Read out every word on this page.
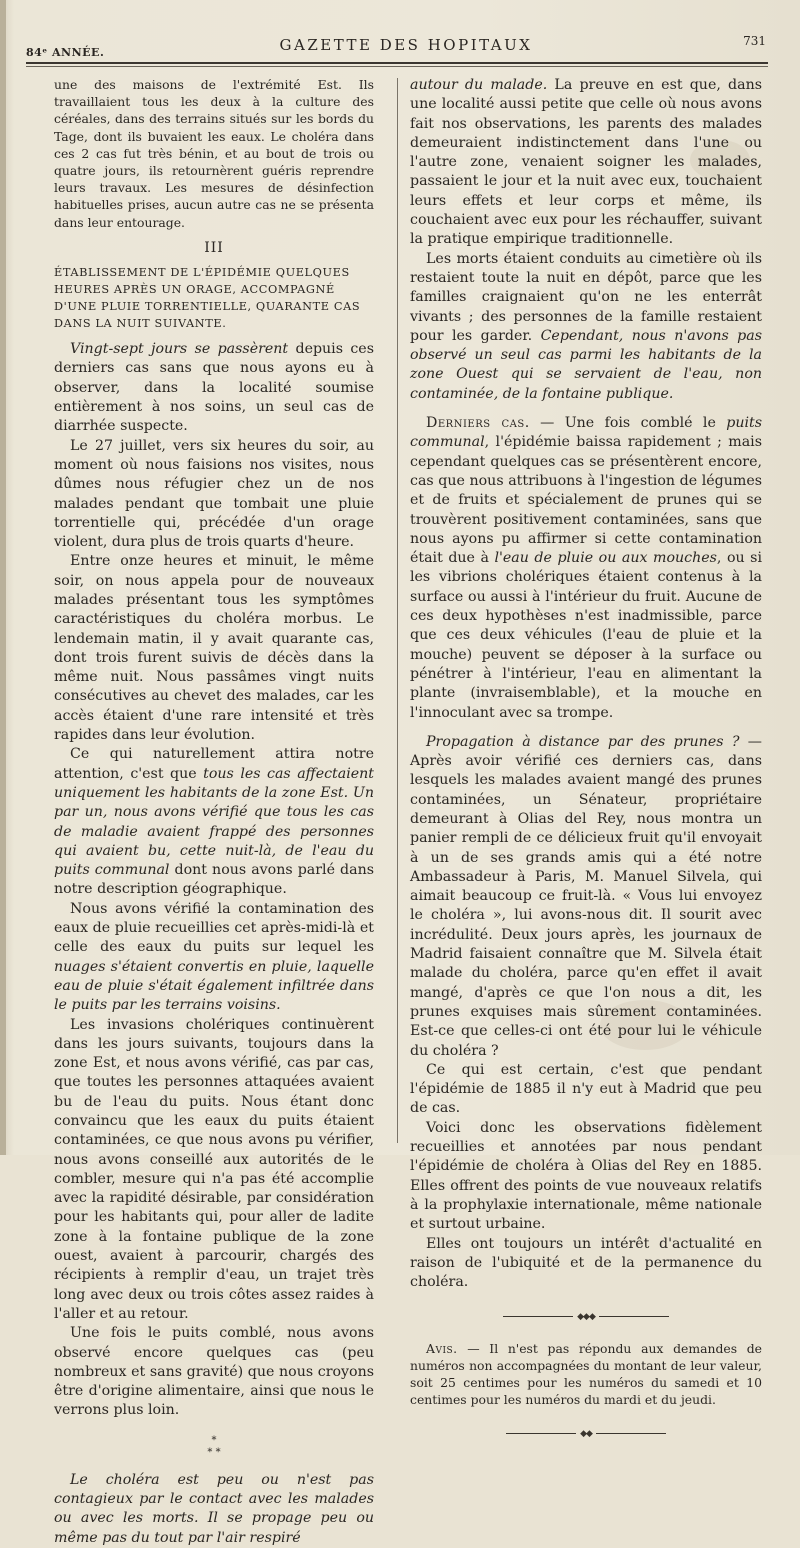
84ᵉ ANNÉE.	GAZETTE DES HOPITAUX	731

une des maisons de l'extrémité Est. Ils travaillaient tous les deux à la culture des céréales, dans des terrains situés sur les bords du Tage, dont ils buvaient les eaux. Le choléra dans ces 2 cas fut très bénin, et au bout de trois ou quatre jours, ils retournèrent guéris reprendre leurs travaux. Les mesures de désinfection habituelles prises, aucun autre cas ne se présenta dans leur entourage.

III
ÉTABLISSEMENT DE L'ÉPIDÉMIE QUELQUES HEURES APRÈS UN ORAGE, ACCOMPAGNÉ D'UNE PLUIE TORRENTIELLE, QUARANTE CAS DANS LA NUIT SUIVANTE.

Vingt-sept jours se passèrent depuis ces derniers cas sans que nous ayons eu à observer, dans la localité soumise entièrement à nos soins, un seul cas de diarrhée suspecte.

Le 27 juillet, vers six heures du soir, au moment où nous faisions nos visites, nous dûmes nous réfugier chez un de nos malades pendant que tombait une pluie torrentielle qui, précédée d'un orage violent, dura plus de trois quarts d'heure.

Entre onze heures et minuit, le même soir, on nous appela pour de nouveaux malades présentant tous les symptômes caractéristiques du choléra morbus. Le lendemain matin, il y avait quarante cas, dont trois furent suivis de décès dans la même nuit. Nous passâmes vingt nuits consécutives au chevet des malades, car les accès étaient d'une rare intensité et très rapides dans leur évolution.

Ce qui naturellement attira notre attention, c'est que tous les cas affectaient uniquement les habitants de la zone Est. Un par un, nous avons vérifié que tous les cas de maladie avaient frappé des personnes qui avaient bu, cette nuit-là, de l'eau du puits communal dont nous avons parlé dans notre description géographique.

Nous avons vérifié la contamination des eaux de pluie recueillies cet après-midi-là et celle des eaux du puits sur lequel les nuages s'étaient convertis en pluie, laquelle eau de pluie s'était également infiltrée dans le puits par les terrains voisins.

Les invasions cholériques continuèrent dans les jours suivants, toujours dans la zone Est, et nous avons vérifié, cas par cas, que toutes les personnes attaquées avaient bu de l'eau du puits. Nous étant donc convaincu que les eaux du puits étaient contaminées, ce que nous avons pu vérifier, nous avons conseillé aux autorités de le combler, mesure qui n'a pas été accomplie avec la rapidité désirable, par considération pour les habitants qui, pour aller de ladite zone à la fontaine publique de la zone ouest, avaient à parcourir, chargés des récipients à remplir d'eau, un trajet très long avec deux ou trois côtes assez raides à l'aller et au retour.

Une fois le puits comblé, nous avons observé encore quelques cas (peu nombreux et sans gravité) que nous croyons être d'origine alimentaire, ainsi que nous le verrons plus loin.

*
* *

Le choléra est peu ou n'est pas contagieux par le contact avec les malades ou avec les morts. Il se propage peu ou même pas du tout par l'air respiré

autour du malade. La preuve en est que, dans une localité aussi petite que celle où nous avons fait nos observations, les parents des malades demeuraient indistinctement dans l'une ou l'autre zone, venaient soigner les malades, passaient le jour et la nuit avec eux, touchaient leurs effets et leur corps et même, ils couchaient avec eux pour les réchauffer, suivant la pratique empirique traditionnelle.

Les morts étaient conduits au cimetière où ils restaient toute la nuit en dépôt, parce que les familles craignaient qu'on ne les enterrât vivants ; des personnes de la famille restaient pour les garder. Cependant, nous n'avons pas observé un seul cas parmi les habitants de la zone Ouest qui se servaient de l'eau, non contaminée, de la fontaine publique.

Derniers cas. — Une fois comblé le puits communal, l'épidémie baissa rapidement ; mais cependant quelques cas se présentèrent encore, cas que nous attribuons à l'ingestion de légumes et de fruits et spécialement de prunes qui se trouvèrent positivement contaminées, sans que nous ayons pu affirmer si cette contamination était due à l'eau de pluie ou aux mouches, ou si les vibrions cholériques étaient contenus à la surface ou aussi à l'intérieur du fruit. Aucune de ces deux hypothèses n'est inadmissible, parce que ces deux véhicules (l'eau de pluie et la mouche) peuvent se déposer à la surface ou pénétrer à l'intérieur, l'eau en alimentant la plante (invraisemblable), et la mouche en l'innoculant avec sa trompe.

Propagation à distance par des prunes ? — Après avoir vérifié ces derniers cas, dans lesquels les malades avaient mangé des prunes contaminées, un Sénateur, propriétaire demeurant à Olias del Rey, nous montra un panier rempli de ce délicieux fruit qu'il envoyait à un de ses grands amis qui a été notre Ambassadeur à Paris, M. Manuel Silvela, qui aimait beaucoup ce fruit-là. « Vous lui envoyez le choléra », lui avons-nous dit. Il sourit avec incrédulité. Deux jours après, les journaux de Madrid faisaient connaître que M. Silvela était malade du choléra, parce qu'en effet il avait mangé, d'après ce que l'on nous a dit, les prunes exquises mais sûrement contaminées. Est-ce que celles-ci ont été pour lui le véhicule du choléra ?

Ce qui est certain, c'est que pendant l'épidémie de 1885 il n'y eut à Madrid que peu de cas.

Voici donc les observations fidèlement recueillies et annotées par nous pendant l'épidémie de choléra à Olias del Rey en 1885. Elles offrent des points de vue nouveaux relatifs à la prophylaxie internationale, même nationale et surtout urbaine.

Elles ont toujours un intérêt d'actualité en raison de l'ubiquité et de la permanence du choléra.

◆◆◆

Avis. — Il n'est pas répondu aux demandes de numéros non accompagnées du montant de leur valeur, soit 25 centimes pour les numéros du samedi et 10 centimes pour les numéros du mardi et du jeudi.

◆◆
